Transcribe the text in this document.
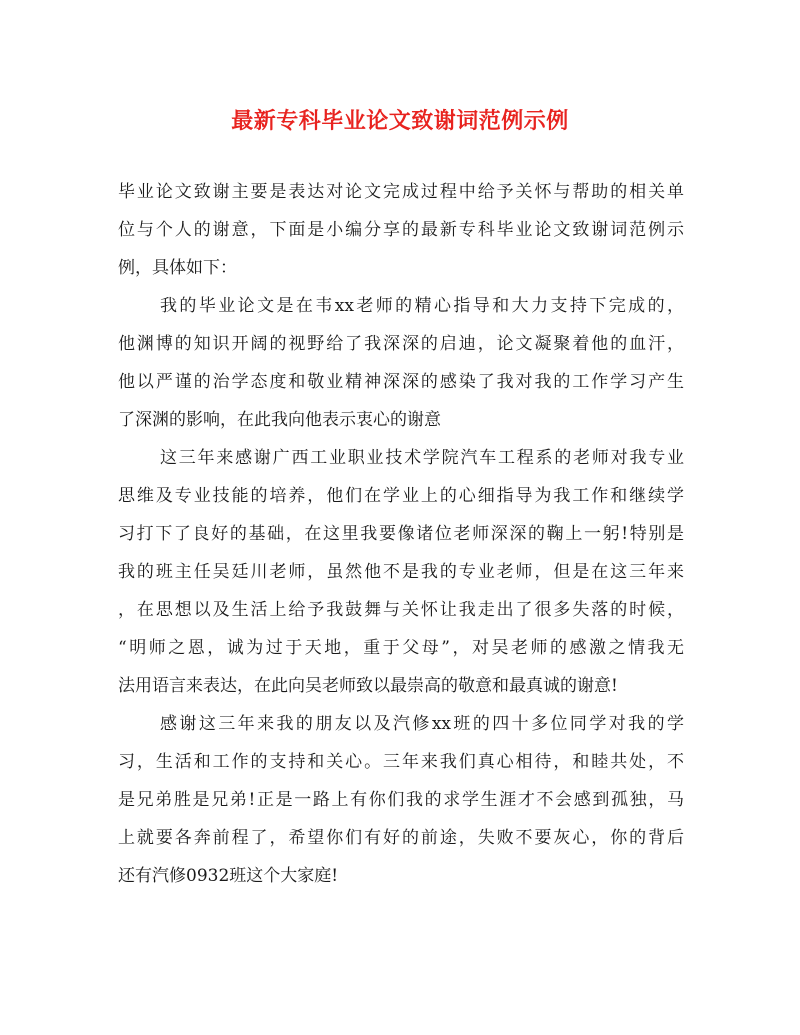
最新专科毕业论文致谢词范例示例
毕业论文致谢主要是表达对论文完成过程中给予关怀与帮助的相关单
位与个人的谢意，下面是小编分享的最新专科毕业论文致谢词范例示
例，具体如下：
我的毕业论文是在韦xx老师的精心指导和大力支持下完成的，
他渊博的知识开阔的视野给了我深深的启迪，论文凝聚着他的血汗，
他以严谨的治学态度和敬业精神深深的感染了我对我的工作学习产生
了深渊的影响，在此我向他表示衷心的谢意
这三年来感谢广西工业职业技术学院汽车工程系的老师对我专业
思维及专业技能的培养，他们在学业上的心细指导为我工作和继续学
习打下了良好的基础，在这里我要像诸位老师深深的鞠上一躬!特别是
我的班主任吴廷川老师，虽然他不是我的专业老师，但是在这三年来
，在思想以及生活上给予我鼓舞与关怀让我走出了很多失落的时候，
“明师之恩，诚为过于天地，重于父母”，对吴老师的感激之情我无
法用语言来表达，在此向吴老师致以最崇高的敬意和最真诚的谢意!
感谢这三年来我的朋友以及汽修xx班的四十多位同学对我的学
习，生活和工作的支持和关心。三年来我们真心相待，和睦共处，不
是兄弟胜是兄弟!正是一路上有你们我的求学生涯才不会感到孤独，马
上就要各奔前程了，希望你们有好的前途，失败不要灰心，你的背后
还有汽修0932班这个大家庭!
